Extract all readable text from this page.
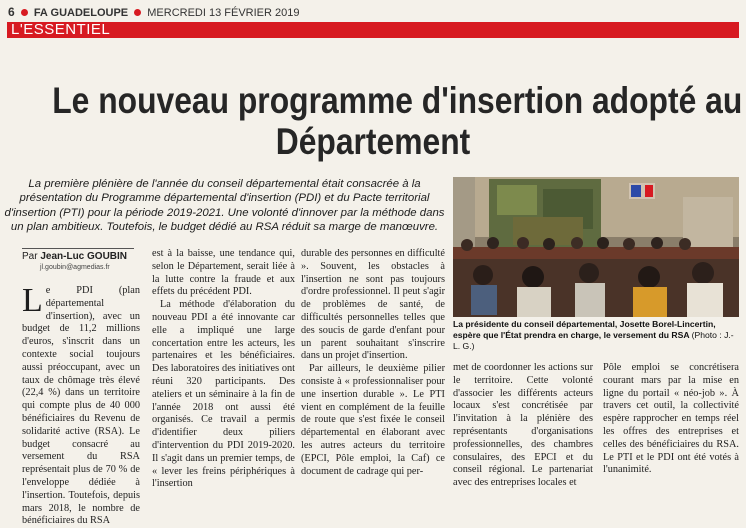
6 FA GUADELOUPE MERCREDI 13 FÉVRIER 2019
L'ESSENTIEL
Le nouveau programme d'insertion adopté au
Département
La première plénière de l'année du conseil départemental était consacrée à la présentation du Programme départemental d'insertion (PDI) et du Pacte territorial d'insertion (PTI) pour la période 2019-2021. Une volonté d'innover par la méthode dans un plan ambitieux. Toutefois, le budget dédié au RSA réduit sa marge de manœuvre.
Par Jean-Luc GOUBIN
jl.goubin@agmedias.fr
Le PDI (plan départemental d'insertion), avec un budget de 11,2 millions d'euros, s'inscrit dans un contexte social toujours aussi préoccupant, avec un taux de chômage très élevé (22,4 %) dans un territoire qui compte plus de 40 000 bénéficiaires du Revenu de solidarité active (RSA). Le budget consacré au versement du RSA représentait plus de 70 % de l'enveloppe dédiée à l'insertion. Toutefois, depuis mars 2018, le nombre de bénéficiaires du RSA
est à la baisse, une tendance qui, selon le Département, serait liée à la lutte contre la fraude et aux effets du précédent PDI.
La méthode d'élaboration du nouveau PDI a été innovante car elle a impliqué une large concertation entre les acteurs, les partenaires et les bénéficiaires. Des laboratoires des initiatives ont réuni 320 participants. Des ateliers et un séminaire à la fin de l'année 2018 ont aussi été organisés. Ce travail a permis d'identifier deux piliers d'intervention du PDI 2019-2020. Il s'agit dans un premier temps, de « lever les freins périphériques à l'insertion
durable des personnes en difficulté ». Souvent, les obstacles à l'insertion ne sont pas toujours d'ordre professionnel. Il peut s'agir de problèmes de santé, de difficultés personnelles telles que des soucis de garde d'enfant pour un parent souhaitant s'inscrire dans un projet d'insertion.
Par ailleurs, le deuxième pilier consiste à « professionnaliser pour une insertion durable ». Le PTI vient en complément de la feuille de route que s'est fixée le conseil départemental en élaborant avec les autres acteurs du territoire (EPCI, Pôle emploi, la Caf) ce document de cadrage qui per-
La présidente du conseil départemental, Josette Borel-Lincertin, espère que l'État prendra en charge, le versement du RSA (Photo : J.-L. G.)
met de coordonner les actions sur le territoire. Cette volonté d'associer les différents acteurs locaux s'est concrétisée par l'invitation à la plénière des représentants d'organisations professionnelles, des chambres consulaires, des EPCI et du conseil régional. Le partenariat avec des entreprises locales et
Pôle emploi se concrétisera courant mars par la mise en ligne du portail « néo-job ». À travers cet outil, la collectivité espère rapprocher en temps réel les offres des entreprises et celles des bénéficiaires du RSA. Le PTI et le PDI ont été votés à l'unanimité.
